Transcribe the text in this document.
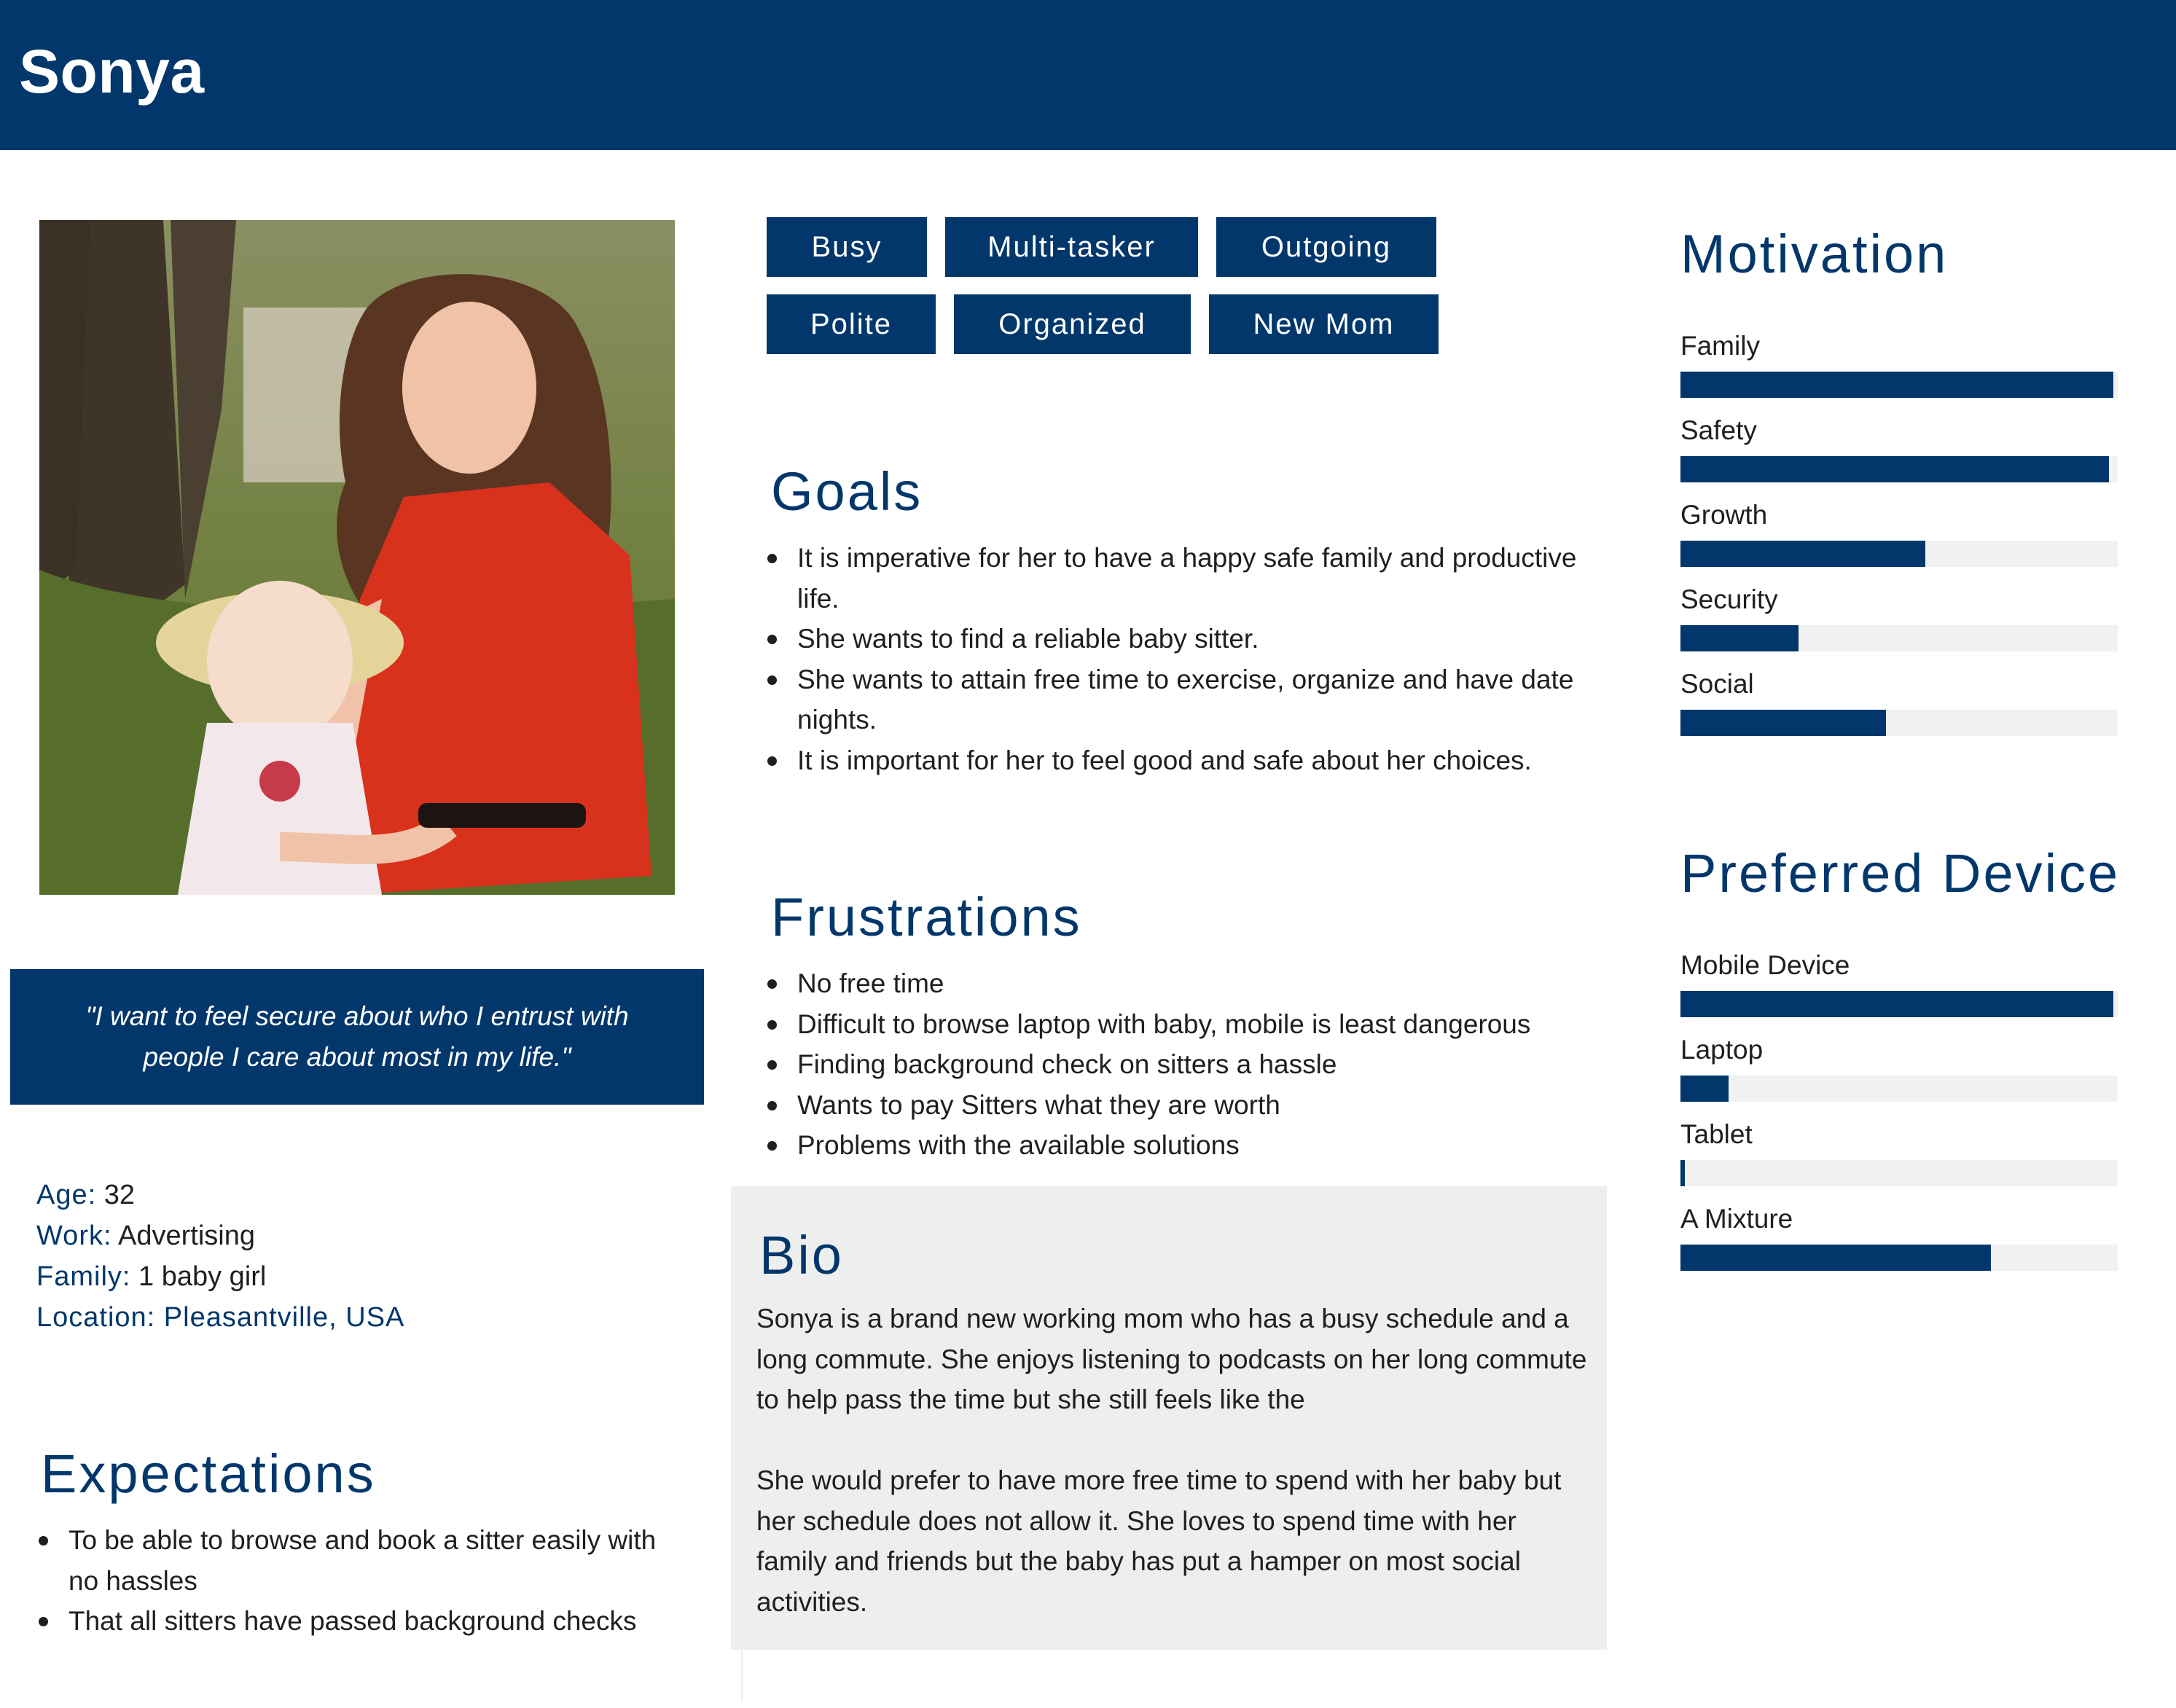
Sonya

"I want to feel secure about who I entrust with people I care about most in my life."

Age: 32
Work: Advertising
Family: 1 baby girl
Location: Pleasantville, USA
Expectations
To be able to browse and book a sitter easily with no hassles
That all sitters have passed background checks
Busy	Multi-tasker	Outgoing
Polite	Organized	New Mom
Goals
It is imperative for her to have a happy safe family and productive life.
She wants to find a reliable baby sitter.
She wants to attain free time to exercise, organize and have date nights.
It is important for her to feel good and safe about her choices.
Frustrations
No free time
Difficult to browse laptop with baby, mobile is least dangerous
Finding background check on sitters a hassle
Wants to pay Sitters what they are worth
Problems with the available solutions
Bio

Sonya is a brand new working mom who has a busy schedule and a long commute. She enjoys listening to podcasts on her long commute to help pass the time but she still feels like the

She would prefer to have more free time to spend with her baby but her schedule does not allow it. She loves to spend time with her family and friends but the baby has put a hamper on most social activities.

Motivation
Family
Safety
Growth
Security
Social
Preferred Device
Mobile Device
Laptop
Tablet
A Mixture
